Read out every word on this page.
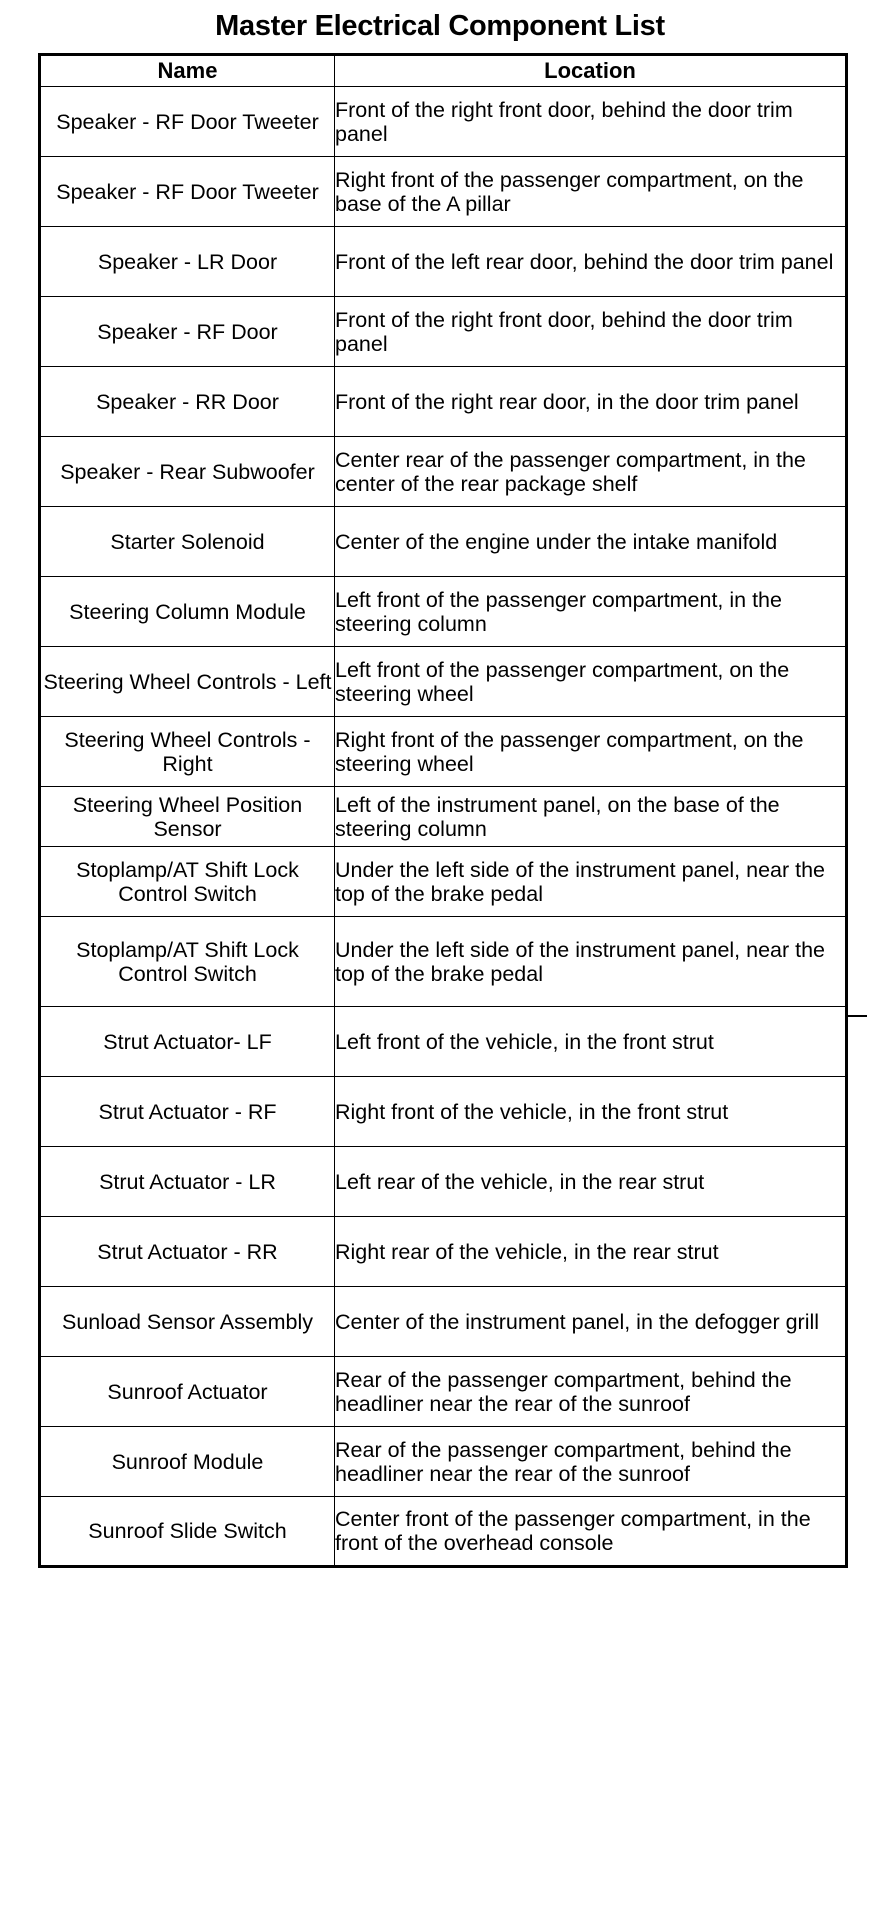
Master Electrical Component List
Name	Location
Speaker - RF Door Tweeter	Front of the right front door, behind the door trim panel
Speaker - RF Door Tweeter	Right front of the passenger compartment, on the base of the A pillar
Speaker - LR Door	Front of the left rear door, behind the door trim panel
Speaker - RF Door	Front of the right front door, behind the door trim panel
Speaker - RR Door	Front of the right rear door, in the door trim panel
Speaker - Rear Subwoofer	Center rear of the passenger compartment, in the center of the rear package shelf
Starter Solenoid	Center of the engine under the intake manifold
Steering Column Module	Left front of the passenger compartment, in the steering column
Steering Wheel Controls - Left	Left front of the passenger compartment, on the steering wheel
Steering Wheel Controls - Right	Right front of the passenger compartment, on the steering wheel
Steering Wheel Position Sensor	Left of the instrument panel, on the base of the steering column
Stoplamp/AT Shift Lock Control Switch	Under the left side of the instrument panel, near the top of the brake pedal
Stoplamp/AT Shift Lock Control Switch	Under the left side of the instrument panel, near the top of the brake pedal
Strut Actuator- LF	Left front of the vehicle, in the front strut
Strut Actuator - RF	Right front of the vehicle, in the front strut
Strut Actuator - LR	Left rear of the vehicle, in the rear strut
Strut Actuator - RR	Right rear of the vehicle, in the rear strut
Sunload Sensor Assembly	Center of the instrument panel, in the defogger grill
Sunroof Actuator	Rear of the passenger compartment, behind the headliner near the rear of the sunroof
Sunroof Module	Rear of the passenger compartment, behind the headliner near the rear of the sunroof
Sunroof Slide Switch	Center front of the passenger compartment, in the front of the overhead console
